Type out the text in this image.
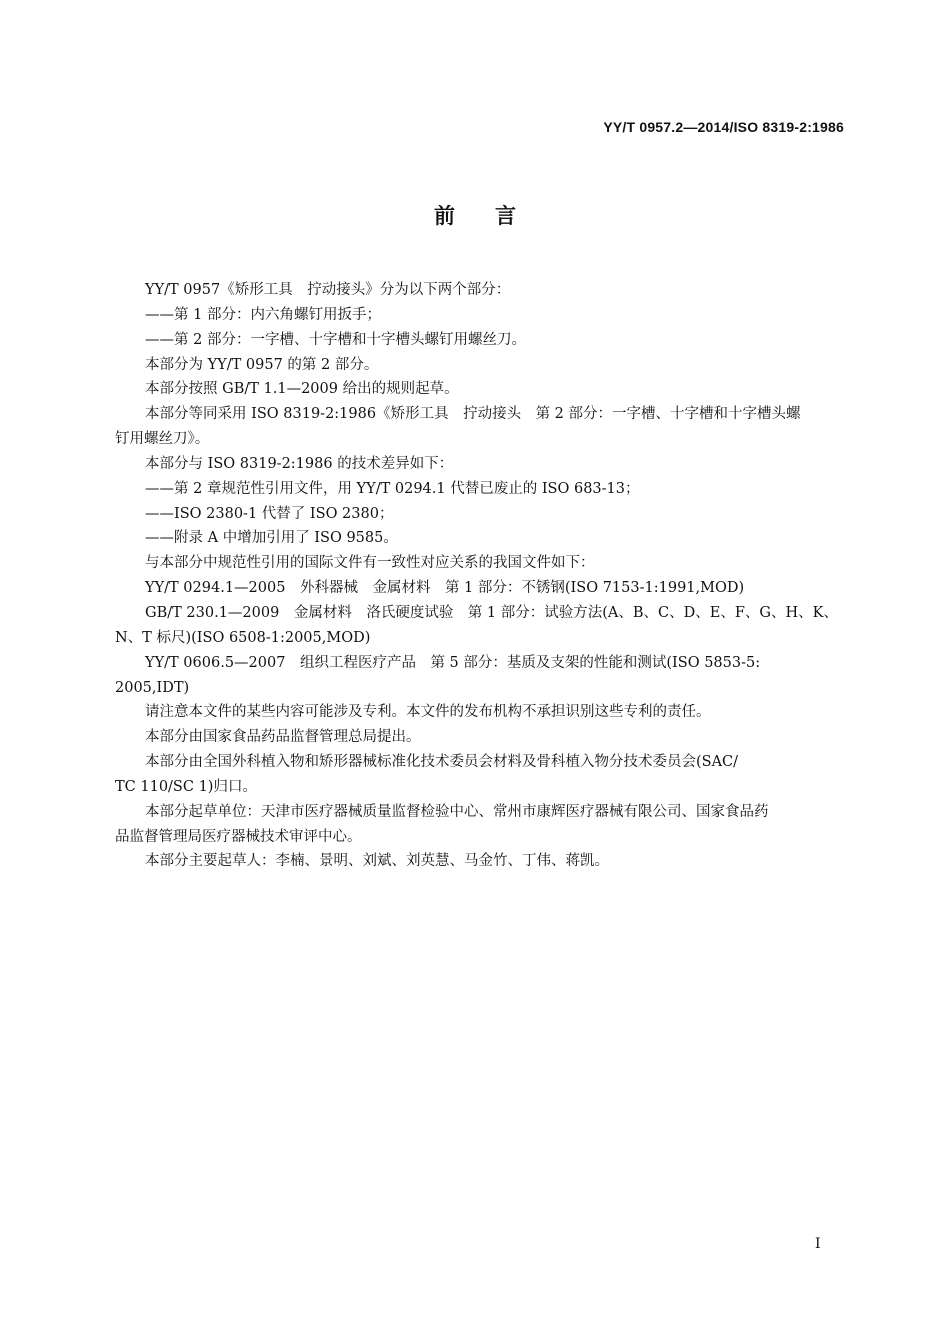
YY/T 0957.2—2014/ISO 8319-2:1986
前言
YY/T 0957《矫形工具　拧动接头》分为以下两个部分：
——第 1 部分：内六角螺钉用扳手；
——第 2 部分：一字槽、十字槽和十字槽头螺钉用螺丝刀。
本部分为 YY/T 0957 的第 2 部分。
本部分按照 GB/T 1.1—2009 给出的规则起草。
本部分等同采用 ISO 8319-2:1986《矫形工具　拧动接头　第 2 部分：一字槽、十字槽和十字槽头螺
钉用螺丝刀》。
本部分与 ISO 8319-2:1986 的技术差异如下：
——第 2 章规范性引用文件，用 YY/T 0294.1 代替已废止的 ISO 683-13；
——ISO 2380-1 代替了 ISO 2380；
——附录 A 中增加引用了 ISO 9585。
与本部分中规范性引用的国际文件有一致性对应关系的我国文件如下：
YY/T 0294.1—2005　外科器械　金属材料　第 1 部分：不锈钢(ISO 7153-1:1991,MOD)
GB/T 230.1—2009　金属材料　洛氏硬度试验　第 1 部分：试验方法(A、B、C、D、E、F、G、H、K、
N、T 标尺)(ISO 6508-1:2005,MOD)
YY/T 0606.5—2007　组织工程医疗产品　第 5 部分：基质及支架的性能和测试(ISO 5853-5:
2005,IDT)
请注意本文件的某些内容可能涉及专利。本文件的发布机构不承担识别这些专利的责任。
本部分由国家食品药品监督管理总局提出。
本部分由全国外科植入物和矫形器械标准化技术委员会材料及骨科植入物分技术委员会(SAC/
TC 110/SC 1)归口。
本部分起草单位：天津市医疗器械质量监督检验中心、常州市康辉医疗器械有限公司、国家食品药
品监督管理局医疗器械技术审评中心。
本部分主要起草人：李楠、景明、刘斌、刘英慧、马金竹、丁伟、蒋凯。
I
